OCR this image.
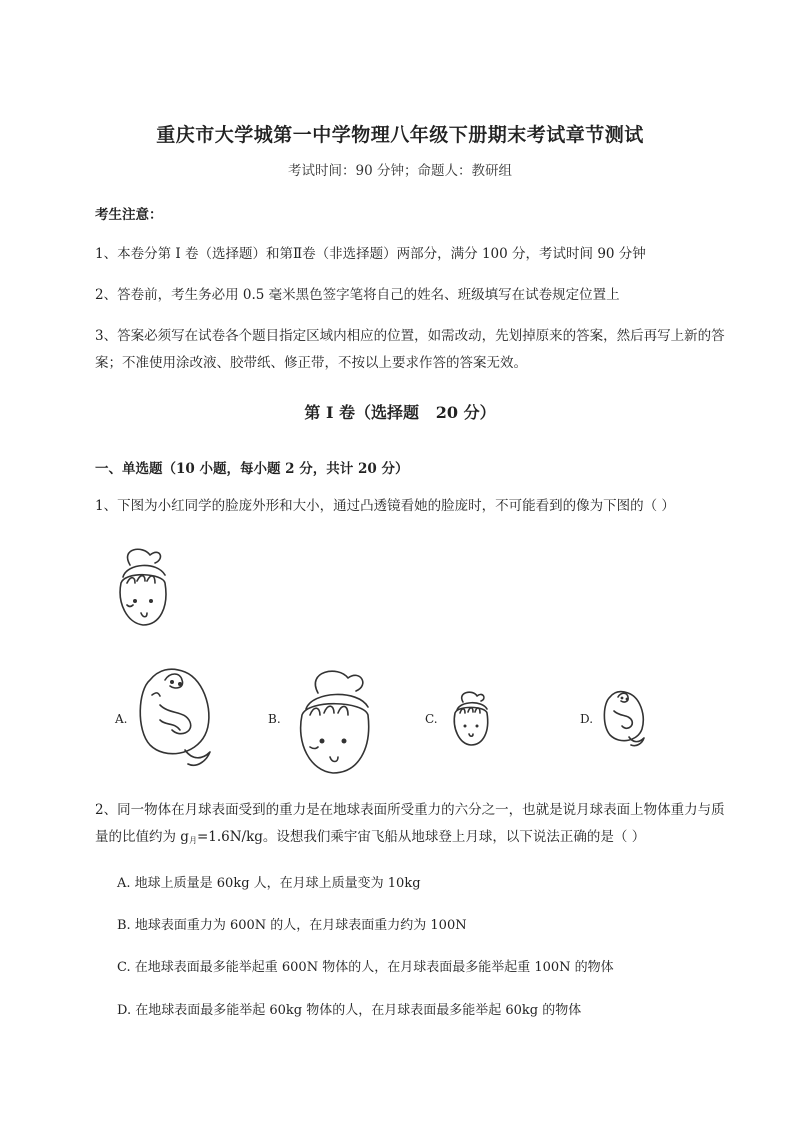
重庆市大学城第一中学物理八年级下册期末考试章节测试
考试时间：90 分钟；命题人：教研组
考生注意：
1、本卷分第 I 卷（选择题）和第Ⅱ卷（非选择题）两部分，满分 100 分，考试时间 90 分钟
2、答卷前，考生务必用 0.5 毫米黑色签字笔将自己的姓名、班级填写在试卷规定位置上
3、答案必须写在试卷各个题目指定区域内相应的位置，如需改动，先划掉原来的答案，然后再写上新的答案；不准使用涂改液、胶带纸、修正带，不按以上要求作答的答案无效。
第 I 卷（选择题   20 分）
一、单选题（10 小题，每小题 2 分，共计 20 分）
1、下图为小红同学的脸庞外形和大小，通过凸透镜看她的脸庞时，不可能看到的像为下图的（ ）
A.	B.	C.	D.
2、同一物体在月球表面受到的重力是在地球表面所受重力的六分之一，也就是说月球表面上物体重力与质量的比值约为 $g_月=1.6N/kg$。设想我们乘宇宙飞船从地球登上月球，以下说法正确的是（ ）
A. 地球上质量是 60kg 人，在月球上质量变为 10kg
B. 地球表面重力为 600N 的人，在月球表面重力约为 100N
C. 在地球表面最多能举起重 600N 物体的人，在月球表面最多能举起重 100N 的物体
D. 在地球表面最多能举起 60kg 物体的人，在月球表面最多能举起 60kg 的物体
